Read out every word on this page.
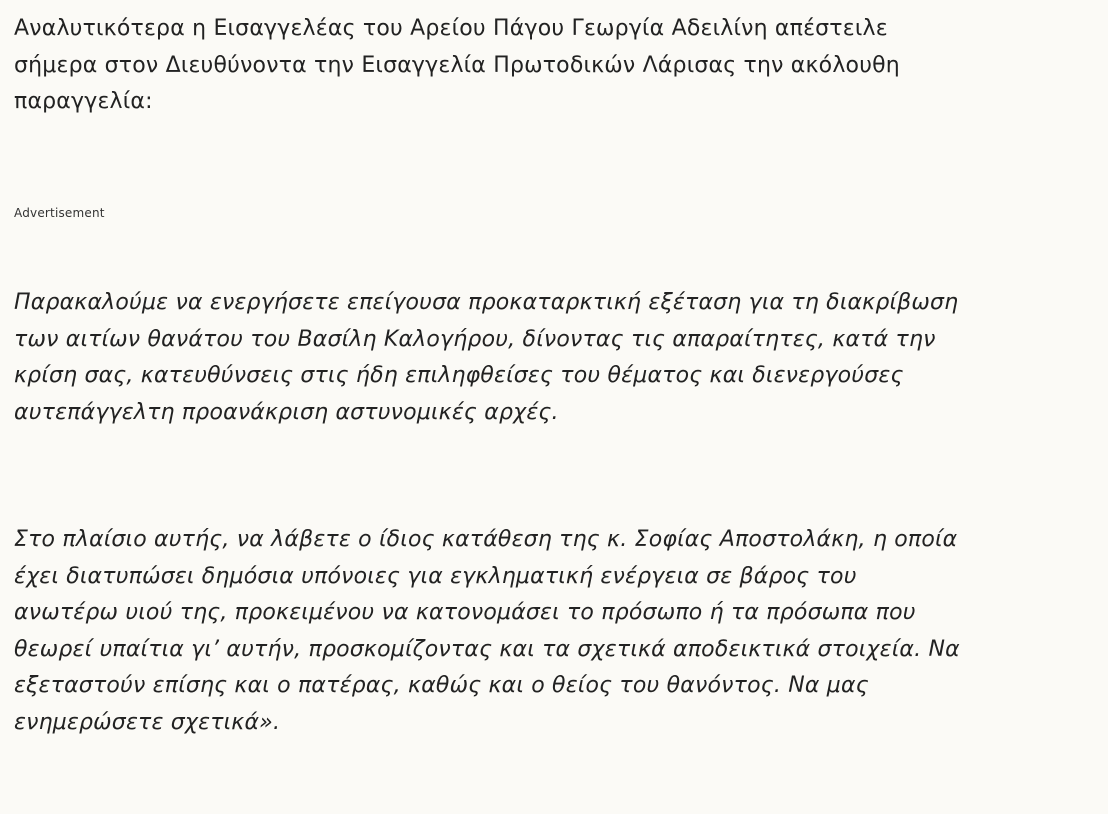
Αναλυτικότερα η Εισαγγελέας του Αρείου Πάγου Γεωργία Αδειλίνη απέστειλε
σήμερα στον Διευθύνοντα την Εισαγγελία Πρωτοδικών Λάρισας την ακόλουθη
παραγγελία:

Advertisement

Παρακαλούμε να ενεργήσετε επείγουσα προκαταρκτική εξέταση για τη διακρίβωση
των αιτίων θανάτου του Βασίλη Καλογήρου, δίνοντας τις απαραίτητες, κατά την
κρίση σας, κατευθύνσεις στις ήδη επιληφθείσες του θέματος και διενεργούσες
αυτεπάγγελτη προανάκριση αστυνομικές αρχές.

Στο πλαίσιο αυτής, να λάβετε ο ίδιος κατάθεση της κ. Σοφίας Αποστολάκη, η οποία
έχει διατυπώσει δημόσια υπόνοιες για εγκληματική ενέργεια σε βάρος του
ανωτέρω υιού της, προκειμένου να κατονομάσει το πρόσωπο ή τα πρόσωπα που
θεωρεί υπαίτια γι’ αυτήν, προσκομίζοντας και τα σχετικά αποδεικτικά στοιχεία. Να
εξεταστούν επίσης και ο πατέρας, καθώς και ο θείος του θανόντος. Να μας
ενημερώσετε σχετικά».
